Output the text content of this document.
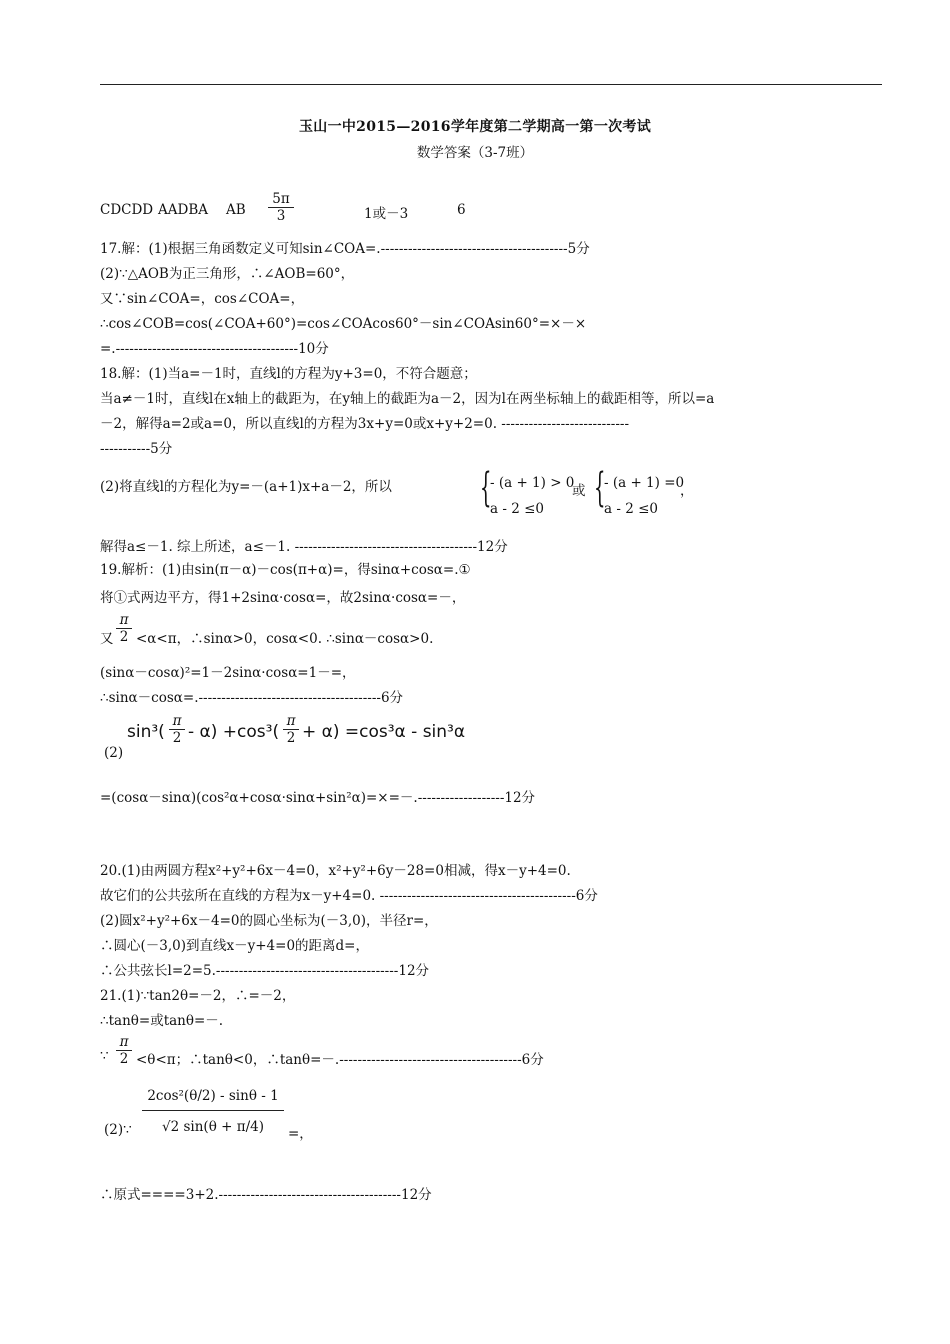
玉山一中2015—2016学年度第二学期高一第一次考试
数学答案（3-7班）
CDCDD AADBA AB
5π
3	1或－3	6
17.解：(1)根据三角函数定义可知sin∠COA=.-----------------------------------------5分
(2)∵△AOB为正三角形，∴∠AOB=60°，
又∵sin∠COA=，cos∠COA=，
∴cos∠COB=cos(∠COA+60°)=cos∠COAcos60°－sin∠COAsin60°=×－×
=.----------------------------------------10分
18.解：(1)当a=－1时，直线l的方程为y+3=0，不符合题意；
当a≠－1时，直线l在x轴上的截距为，在y轴上的截距为a－2，因为l在两坐标轴上的截距相等，所以=a
－2，解得a=2或a=0，所以直线l的方程为3x+y=0或x+y+2=0. ----------------------------
-----------5分
(2)将直线l的方程化为y=－(a+1)x+a－2，所以 {
- (a + 1) > 0
a - 2 ≤0
或 {
- (a + 1) =0
a - 2 ≤0
，
解得a≤－1. 综上所述，a≤－1. ----------------------------------------12分
19.解析：(1)由sin(π－α)－cos(π+α)=，得sinα+cosα=.①
将①式两边平方，得1+2sinα·cosα=，故2sinα·cosα=－，
又
π
2 <α<π，∴sinα>0，cosα<0. ∴sinα－cosα>0.
(sinα－cosα)²=1－2sinα·cosα=1－=，
∴sinα－cosα=.----------------------------------------6分
(2)
sin³(
π
2 - α) +cos³(
π
2 + α) =cos³α - sin³α
=(cosα－sinα)(cos²α+cosα·sinα+sin²α)=×=－.-------------------12分
20.(1)由两圆方程x²+y²+6x－4=0，x²+y²+6y－28=0相减，得x－y+4=0.
故它们的公共弦所在直线的方程为x－y+4=0. -------------------------------------------6分
(2)圆x²+y²+6x－4=0的圆心坐标为(－3,0)，半径r=，
∴圆心(－3,0)到直线x－y+4=0的距离d=，
∴公共弦长l=2=5.----------------------------------------12分
21.(1)∵tan2θ=－2，∴=－2，
∴tanθ=或tanθ=－.
∵
π
2 <θ<π；∴tanθ<0，∴tanθ=－.----------------------------------------6分
(2)∵
2cos²(θ/2) - sinθ - 1
√2 sin(θ + π/4)	=，
∴原式====3+2.----------------------------------------12分
